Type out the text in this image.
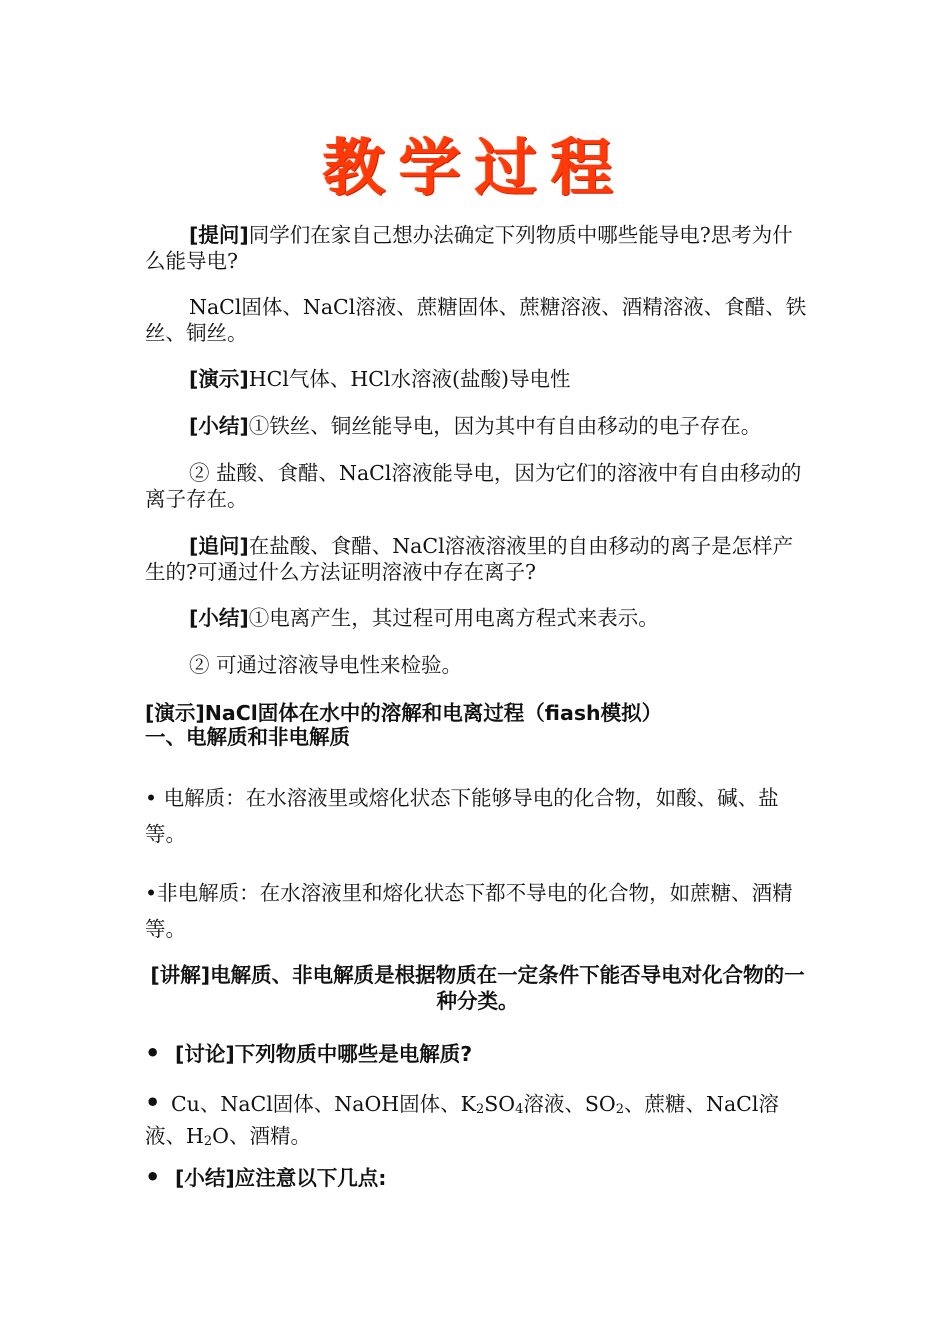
教学过程
[提问]同学们在家自己想办法确定下列物质中哪些能导电?思考为什么能导电?
NaCl固体、NaCl溶液、蔗糖固体、蔗糖溶液、酒精溶液、食醋、铁丝、铜丝。
[演示]HCl气体、HCl水溶液(盐酸)导电性
[小结]①铁丝、铜丝能导电，因为其中有自由移动的电子存在。
② 盐酸、食醋、NaCl溶液能导电，因为它们的溶液中有自由移动的离子存在。
[追问]在盐酸、食醋、NaCl溶液溶液里的自由移动的离子是怎样产生的?可通过什么方法证明溶液中存在离子?
[小结]①电离产生，其过程可用电离方程式来表示。
② 可通过溶液导电性来检验。
[演示]NaCl固体在水中的溶解和电离过程（fiash模拟）
一、电解质和非电解质
• 电解质：在水溶液里或熔化状态下能够导电的化合物，如酸、碱、盐等。
•非电解质：在水溶液里和熔化状态下都不导电的化合物，如蔗糖、酒精等。
[讲解]电解质、非电解质是根据物质在一定条件下能否导电对化合物的一种分类。
• [讨论]下列物质中哪些是电解质?
• Cu、NaCl固体、NaOH固体、$K_2SO_4$溶液、$SO_2$、蔗糖、NaCl溶液、$H_2O$、酒精。
• [小结]应注意以下几点:
